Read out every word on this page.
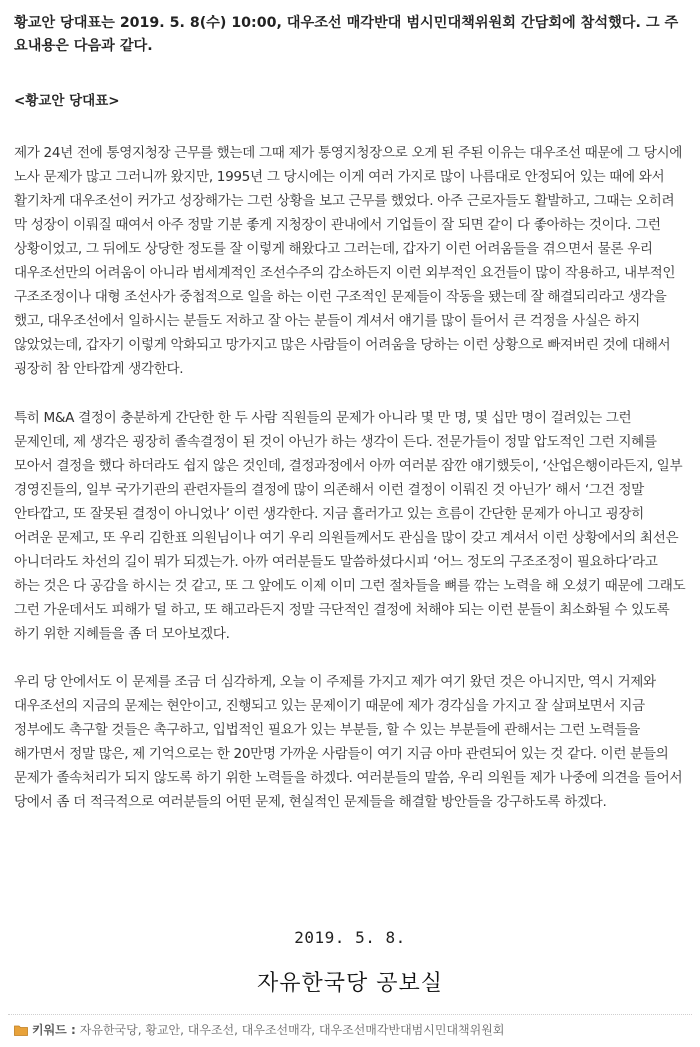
황교안 당대표는 2019. 5. 8(수) 10:00, 대우조선 매각반대 범시민대책위원회 간담회에 참석했다. 그 주요내용은 다음과 같다.

<황교안 당대표>

제가 24년 전에 통영지청장 근무를 했는데 그때 제가 통영지청장으로 오게 된 주된 이유는 대우조선 때문에 그 당시에 노사 문제가 많고 그러니까 왔지만, 1995년 그 당시에는 이게 여러 가지로 많이 나름대로 안정되어 있는 때에 와서 활기차게 대우조선이 커가고 성장해가는 그런 상황을 보고 근무를 했었다. 아주 근로자들도 활발하고, 그때는 오히려 막 성장이 이뤄질 때여서 아주 정말 기분 좋게 지청장이 관내에서 기업들이 잘 되면 같이 다 좋아하는 것이다. 그런 상황이었고, 그 뒤에도 상당한 정도를 잘 이렇게 해왔다고 그러는데, 갑자기 이런 어려움들을 겪으면서 물론 우리 대우조선만의 어려움이 아니라 범세계적인 조선수주의 감소하든지 이런 외부적인 요건들이 많이 작용하고, 내부적인 구조조정이나 대형 조선사가 중첩적으로 일을 하는 이런 구조적인 문제들이 작동을 됐는데 잘 해결되리라고 생각을 했고, 대우조선에서 일하시는 분들도 저하고 잘 아는 분들이 계셔서 얘기를 많이 들어서 큰 걱정을 사실은 하지 않았었는데, 갑자기 이렇게 악화되고 망가지고 많은 사람들이 어려움을 당하는 이런 상황으로 빠져버린 것에 대해서 굉장히 참 안타깝게 생각한다.

특히 M&A 결정이 충분하게 간단한 한 두 사람 직원들의 문제가 아니라 몇 만 명, 몇 십만 명이 걸려있는 그런 문제인데, 제 생각은 굉장히 졸속결정이 된 것이 아닌가 하는 생각이 든다. 전문가들이 정말 압도적인 그런 지혜를 모아서 결정을 했다 하더라도 쉽지 않은 것인데, 결정과정에서 아까 여러분 잠깐 얘기했듯이, ‘산업은행이라든지, 일부 경영진들의, 일부 국가기관의 관련자들의 결정에 많이 의존해서 이런 결정이 이뤄진 것 아닌가’ 해서 ‘그건 정말 안타깝고, 또 잘못된 결정이 아니었나’ 이런 생각한다. 지금 흘러가고 있는 흐름이 간단한 문제가 아니고 굉장히 어려운 문제고, 또 우리 김한표 의원님이나 여기 우리 의원들께서도 관심을 많이 갖고 계셔서 이런 상황에서의 최선은 아니더라도 차선의 길이 뭐가 되겠는가. 아까 여러분들도 말씀하셨다시피 ‘어느 정도의 구조조정이 필요하다’라고 하는 것은 다 공감을 하시는 것 같고, 또 그 앞에도 이제 이미 그런 절차들을 뼈를 깎는 노력을 해 오셨기 때문에 그래도 그런 가운데서도 피해가 덜 하고, 또 해고라든지 정말 극단적인 결정에 처해야 되는 이런 분들이 최소화될 수 있도록 하기 위한 지혜들을 좀 더 모아보겠다.

우리 당 안에서도 이 문제를 조금 더 심각하게, 오늘 이 주제를 가지고 제가 여기 왔던 것은 아니지만, 역시 거제와 대우조선의 지금의 문제는 현안이고, 진행되고 있는 문제이기 때문에 제가 경각심을 가지고 잘 살펴보면서 지금 정부에도 촉구할 것들은 촉구하고, 입법적인 필요가 있는 부분들, 할 수 있는 부분들에 관해서는 그런 노력들을 해가면서 정말 많은, 제 기억으로는 한 20만명 가까운 사람들이 여기 지금 아마 관련되어 있는 것 같다. 이런 분들의 문제가 졸속처리가 되지 않도록 하기 위한 노력들을 하겠다. 여러분들의 말씀, 우리 의원들 제가 나중에 의견을 들어서 당에서 좀 더 적극적으로 여러분들의 어떤 문제, 현실적인 문제들을 해결할 방안들을 강구하도록 하겠다.

2019. 5. 8.
자유한국당 공보실
키워드 : 자유한국당, 황교안, 대우조선, 대우조선매각, 대우조선매각반대범시민대책위원회
